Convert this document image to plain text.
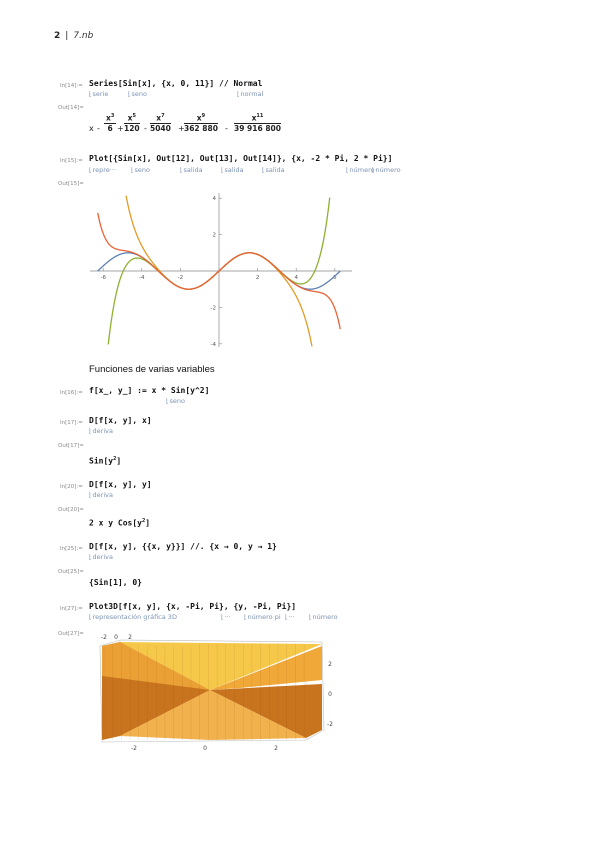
2 | 7.nb
In[14]:= Series[Sin[x], {x, 0, 11}] // Normal
⌊ serie	⌊ seno	⌊ normal
Out[14]=
$x - \frac{x^3}{6} + \frac{x^5}{120} - \frac{x^7}{5040} + \frac{x^9}{362 880} - \frac{x^{11}}{39 916 800}$
In[15]:= Plot[{Sin[x], Out[12], Out[13], Out[14]}, {x, -2 * Pi, 2 * Pi}]
⌊ repre···	⌊ seno	⌊ salida	⌊ salida	⌊ salida	⌊ número
⌊ número
Out[15]=
-6	-4	-2	2	4	6
4
2
-2
-4
Funciones de varias variables
In[16]:= f[x_, y_] := x * Sin[y^2]
⌊ seno
In[17]:= D[f[x, y], x]
⌊ deriva
Out[17]=
$Sin[y^2]$
In[20]:= D[f[x, y], y]
⌊ deriva
Out[20]=
2 x y $Cos[y^2]$
In[25]:= D[f[x, y], {{x, y}}] //. {x → 0, y → 1}
⌊ deriva
Out[25]=
{Sin[1], 0}
In[27]:= Plot3D[f[x, y], {x, -Pi, Pi}, {y, -Pi, Pi}]
⌊ representación gráfica 3D	⌊ ···	⌊ número pi	⌊ ···	⌊ número
Out[27]=
-2	0	2
-2 0 2
2
0
-2
